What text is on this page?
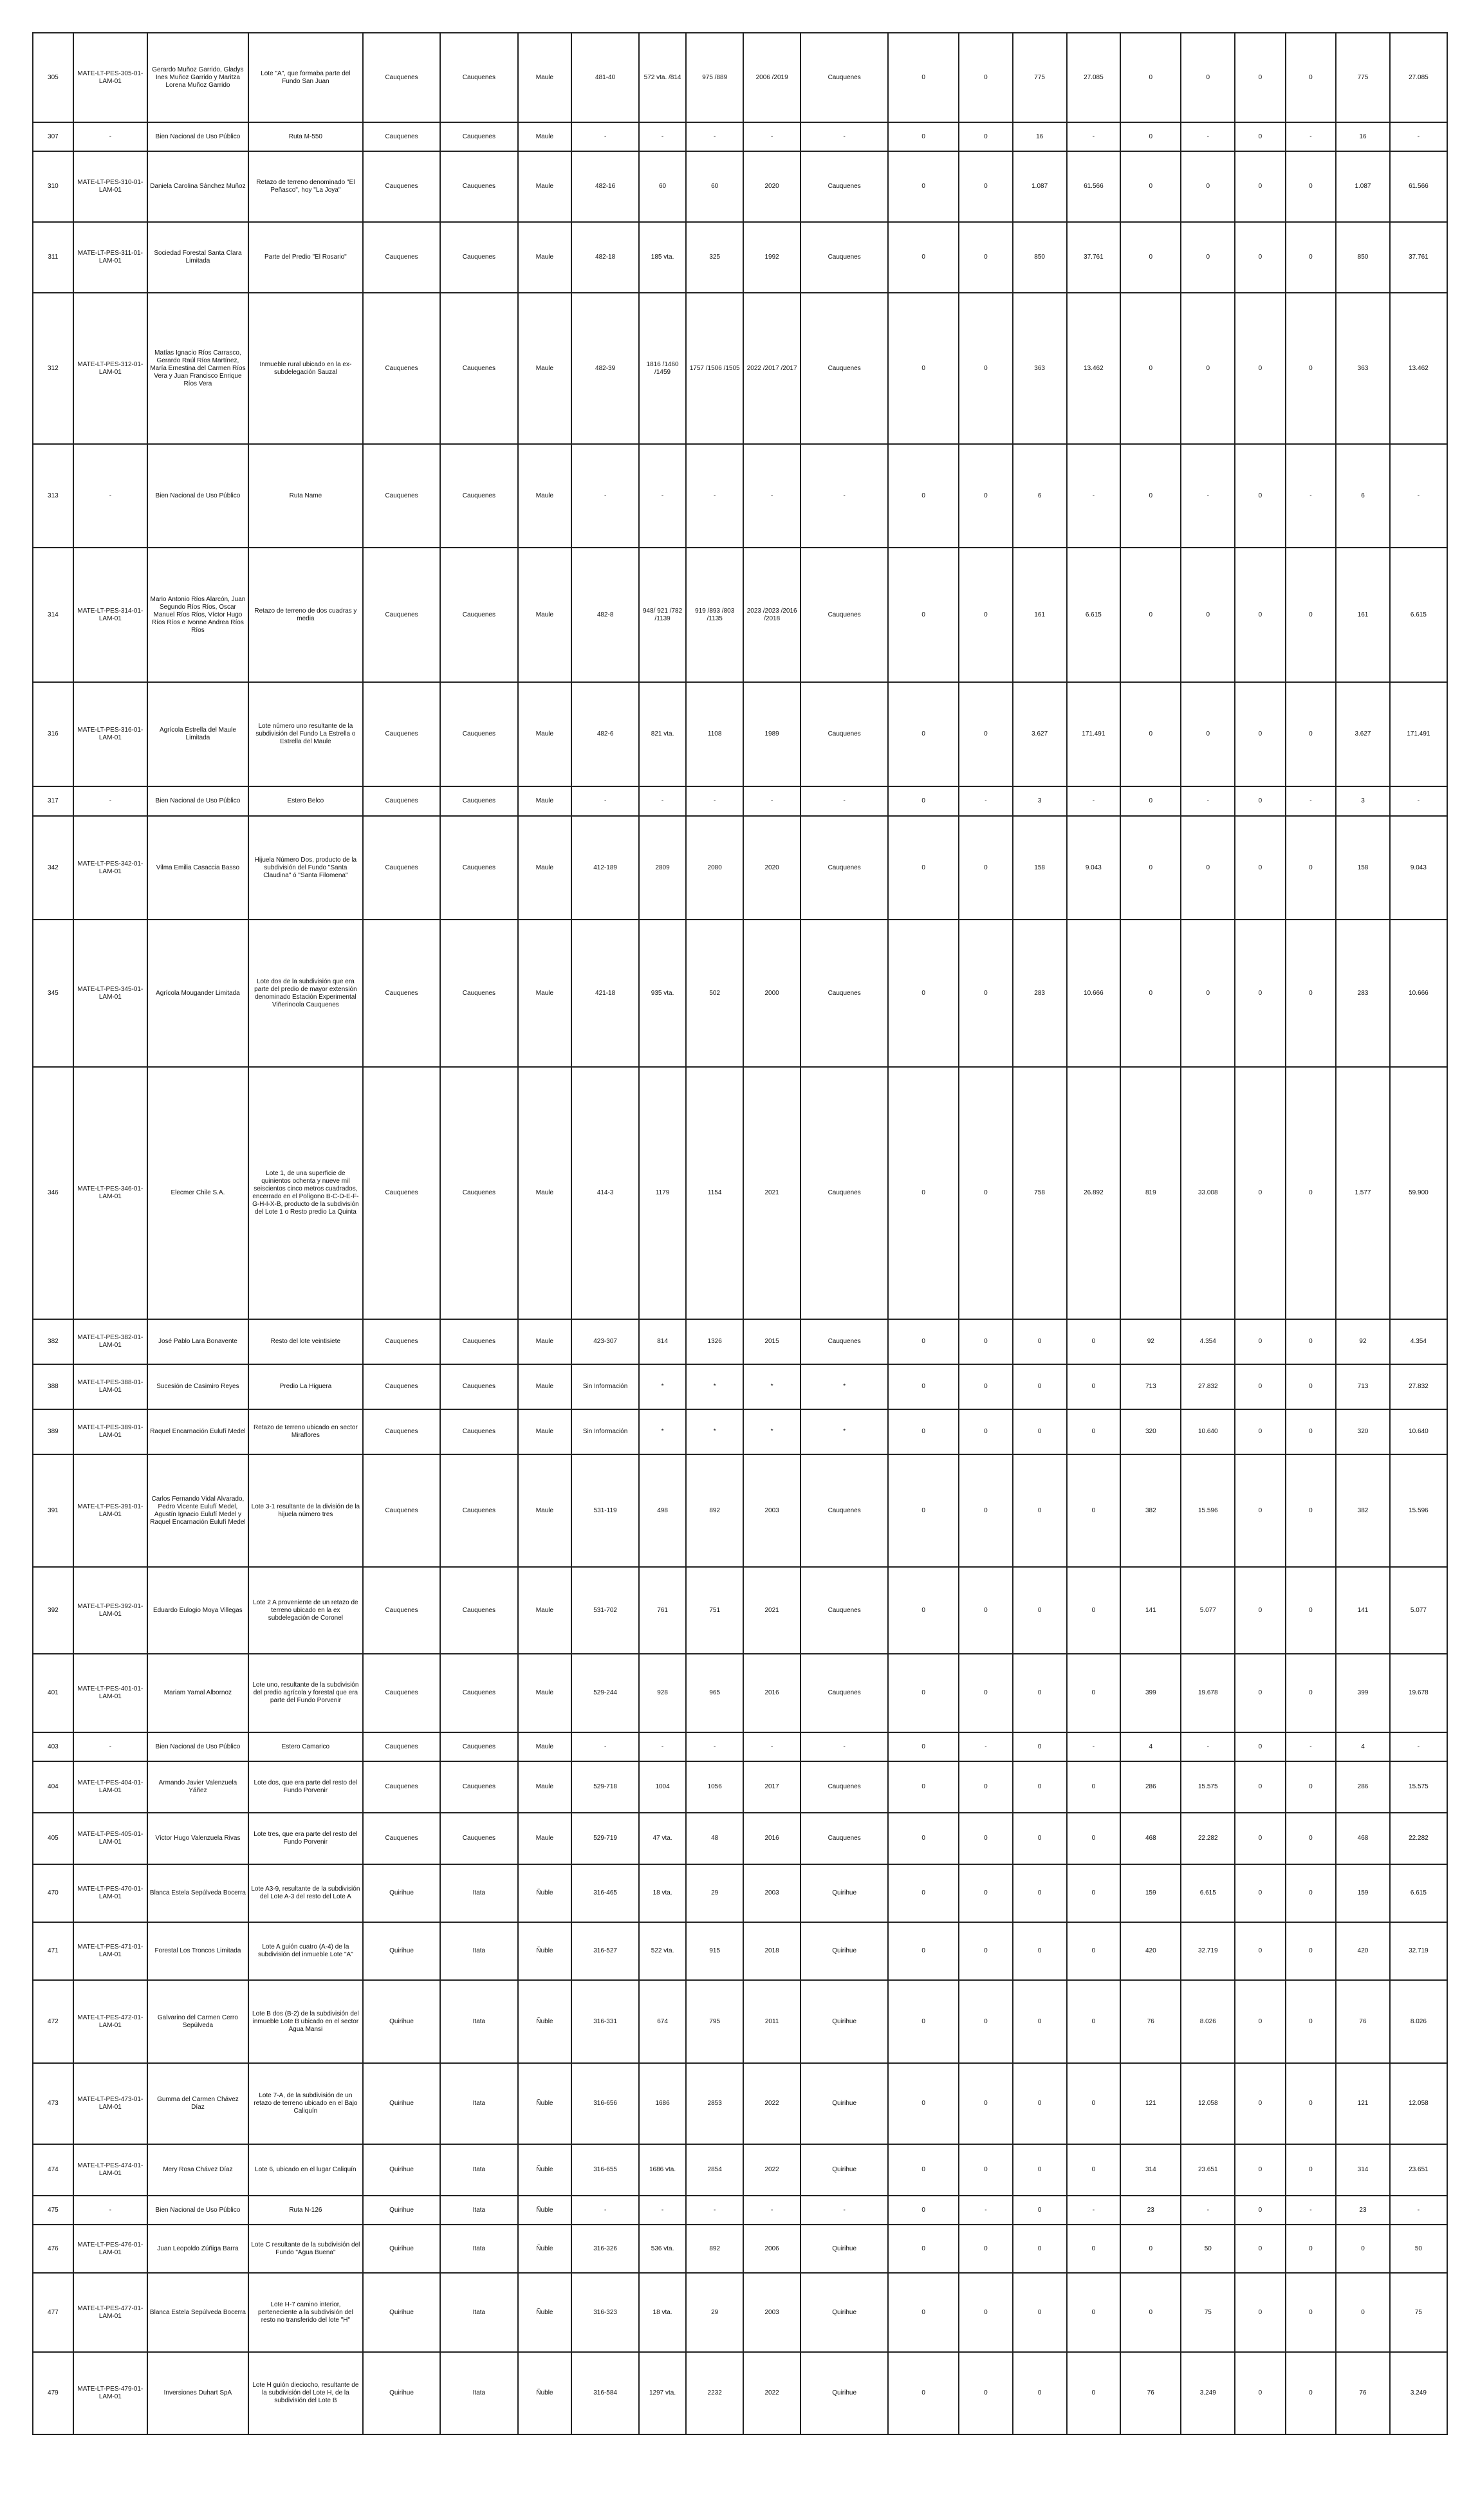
305	MATE-LT-PES-305-01-LAM-01	Gerardo Muñoz Garrido, Gladys Ines Muñoz Garrido y Maritza Lorena Muñoz Garrido	Lote "A", que formaba parte del Fundo San Juan	Cauquenes	Cauquenes	Maule	481-40	572 vta. /814	975 /889	2006 /2019	Cauquenes	0	0	775	27.085	0	0	0	0	775	27.085
307	-	Bien Nacional de Uso Público	Ruta M-550	Cauquenes	Cauquenes	Maule	-	-	-	-	-	0	0	16	-	0	-	0	-	16	-
310	MATE-LT-PES-310-01-LAM-01	Daniela Carolina Sánchez Muñoz	Retazo de terreno denominado "El Peñasco", hoy "La Joya"	Cauquenes	Cauquenes	Maule	482-16	60	60	2020	Cauquenes	0	0	1.087	61.566	0	0	0	0	1.087	61.566
311	MATE-LT-PES-311-01-LAM-01	Sociedad Forestal Santa Clara Limitada	Parte del Predio "El Rosario"	Cauquenes	Cauquenes	Maule	482-18	185 vta.	325	1992	Cauquenes	0	0	850	37.761	0	0	0	0	850	37.761
312	MATE-LT-PES-312-01-LAM-01	Matías Ignacio Ríos Carrasco, Gerardo Raúl Ríos Martínez, María Ernestina del Carmen Ríos Vera y Juan Francisco Enrique Ríos Vera	Inmueble rural ubicado en la ex-subdelegación Sauzal	Cauquenes	Cauquenes	Maule	482-39	1816 /1460 /1459	1757 /1506 /1505	2022 /2017 /2017	Cauquenes	0	0	363	13.462	0	0	0	0	363	13.462
313	-	Bien Nacional de Uso Público	Ruta Name	Cauquenes	Cauquenes	Maule	-	-	-	-	-	0	0	6	-	0	-	0	-	6	-
314	MATE-LT-PES-314-01-LAM-01	Mario Antonio Ríos Alarcón, Juan Segundo Ríos Ríos, Oscar Manuel Ríos Ríos, Víctor Hugo Ríos Ríos e Ivonne Andrea Ríos Ríos	Retazo de terreno de dos cuadras y media	Cauquenes	Cauquenes	Maule	482-8	948/ 921 /782 /1139	919 /893 /803 /1135	2023 /2023 /2016 /2018	Cauquenes	0	0	161	6.615	0	0	0	0	161	6.615
316	MATE-LT-PES-316-01-LAM-01	Agrícola Estrella del Maule Limitada	Lote número uno resultante de la subdivisión del Fundo La Estrella o Estrella del Maule	Cauquenes	Cauquenes	Maule	482-6	821 vta.	1108	1989	Cauquenes	0	0	3.627	171.491	0	0	0	0	3.627	171.491
317	-	Bien Nacional de Uso Público	Estero Belco	Cauquenes	Cauquenes	Maule	-	-	-	-	-	0	-	3	-	0	-	0	-	3	-
342	MATE-LT-PES-342-01-LAM-01	Vilma Emilia Casaccia Basso	Hijuela Número Dos, producto de la subdivisión del Fundo "Santa Claudina" ó "Santa Filomena"	Cauquenes	Cauquenes	Maule	412-189	2809	2080	2020	Cauquenes	0	0	158	9.043	0	0	0	0	158	9.043
345	MATE-LT-PES-345-01-LAM-01	Agrícola Mougander Limitada	Lote dos de la subdivisión que era parte del predio de mayor extensión denominado Estación Experimental Viñerinoola Cauquenes	Cauquenes	Cauquenes	Maule	421-18	935 vta.	502	2000	Cauquenes	0	0	283	10.666	0	0	0	0	283	10.666
346	MATE-LT-PES-346-01-LAM-01	Elecmer Chile S.A.	Lote 1, de una superficie de quinientos ochenta y nueve mil seiscientos cinco metros cuadrados, encerrado en el Polígono B-C-D-E-F-G-H-I-X-B, producto de la subdivisión del Lote 1 o Resto predio La Quinta	Cauquenes	Cauquenes	Maule	414-3	1179	1154	2021	Cauquenes	0	0	758	26.892	819	33.008	0	0	1.577	59.900
382	MATE-LT-PES-382-01-LAM-01	José Pablo Lara Bonavente	Resto del lote veintisiete	Cauquenes	Cauquenes	Maule	423-307	814	1326	2015	Cauquenes	0	0	0	0	92	4.354	0	0	92	4.354
388	MATE-LT-PES-388-01-LAM-01	Sucesión de Casimiro Reyes	Predio La Higuera	Cauquenes	Cauquenes	Maule	Sin Información	*	*	*	*	0	0	0	0	713	27.832	0	0	713	27.832
389	MATE-LT-PES-389-01-LAM-01	Raquel Encarnación Eulufí Medel	Retazo de terreno ubicado en sector Miraflores	Cauquenes	Cauquenes	Maule	Sin Información	*	*	*	*	0	0	0	0	320	10.640	0	0	320	10.640
391	MATE-LT-PES-391-01-LAM-01	Carlos Fernando Vidal Alvarado, Pedro Vicente Eulufí Medel, Agustín Ignacio Eulufí Medel y Raquel Encarnación Eulufí Medel	Lote 3-1 resultante de la división de la hijuela número tres	Cauquenes	Cauquenes	Maule	531-119	498	892	2003	Cauquenes	0	0	0	0	382	15.596	0	0	382	15.596
392	MATE-LT-PES-392-01-LAM-01	Eduardo Eulogio Moya Villegas	Lote 2 A proveniente de un retazo de terreno ubicado en la ex subdelegación de Coronel	Cauquenes	Cauquenes	Maule	531-702	761	751	2021	Cauquenes	0	0	0	0	141	5.077	0	0	141	5.077
401	MATE-LT-PES-401-01-LAM-01	Mariam Yamal Albornoz	Lote uno, resultante de la subdivisión del predio agrícola y forestal que era parte del Fundo Porvenir	Cauquenes	Cauquenes	Maule	529-244	928	965	2016	Cauquenes	0	0	0	0	399	19.678	0	0	399	19.678
403	-	Bien Nacional de Uso Público	Estero Camarico	Cauquenes	Cauquenes	Maule	-	-	-	-	-	0	-	0	-	4	-	0	-	4	-
404	MATE-LT-PES-404-01-LAM-01	Armando Javier Valenzuela Yáñez	Lote dos, que era parte del resto del Fundo Porvenir	Cauquenes	Cauquenes	Maule	529-718	1004	1056	2017	Cauquenes	0	0	0	0	286	15.575	0	0	286	15.575
405	MATE-LT-PES-405-01-LAM-01	Víctor Hugo Valenzuela Rivas	Lote tres, que era parte del resto del Fundo Porvenir	Cauquenes	Cauquenes	Maule	529-719	47 vta.	48	2016	Cauquenes	0	0	0	0	468	22.282	0	0	468	22.282
470	MATE-LT-PES-470-01-LAM-01	Blanca Estela Sepúlveda Bocerra	Lote A3-9, resultante de la subdivisión del Lote A-3 del resto del Lote A	Quirihue	Itata	Ñuble	316-465	18 vta.	29	2003	Quirihue	0	0	0	0	159	6.615	0	0	159	6.615
471	MATE-LT-PES-471-01-LAM-01	Forestal Los Troncos Limitada	Lote A guión cuatro (A-4) de la subdivisión del inmueble Lote "A"	Quirihue	Itata	Ñuble	316-527	522 vta.	915	2018	Quirihue	0	0	0	0	420	32.719	0	0	420	32.719
472	MATE-LT-PES-472-01-LAM-01	Galvarino del Carmen Cerro Sepúlveda	Lote B dos (B-2) de la subdivisión del inmueble Lote B ubicado en el sector Agua Mansi	Quirihue	Itata	Ñuble	316-331	674	795	2011	Quirihue	0	0	0	0	76	8.026	0	0	76	8.026
473	MATE-LT-PES-473-01-LAM-01	Gumma del Carmen Chávez Díaz	Lote 7-A, de la subdivisión de un retazo de terreno ubicado en el Bajo Caliquín	Quirihue	Itata	Ñuble	316-656	1686	2853	2022	Quirihue	0	0	0	0	121	12.058	0	0	121	12.058
474	MATE-LT-PES-474-01-LAM-01	Mery Rosa Chávez Díaz	Lote 6, ubicado en el lugar Caliquín	Quirihue	Itata	Ñuble	316-655	1686 vta.	2854	2022	Quirihue	0	0	0	0	314	23.651	0	0	314	23.651
475	-	Bien Nacional de Uso Público	Ruta N-126	Quirihue	Itata	Ñuble	-	-	-	-	-	0	-	0	-	23	-	0	-	23	-
476	MATE-LT-PES-476-01-LAM-01	Juan Leopoldo Zúñiga Barra	Lote C resultante de la subdivisión del Fundo "Agua Buena"	Quirihue	Itata	Ñuble	316-326	536 vta.	892	2006	Quirihue	0	0	0	0	0	50	0	0	0	50
477	MATE-LT-PES-477-01-LAM-01	Blanca Estela Sepúlveda Bocerra	Lote H-7 camino interior, perteneciente a la subdivisión del resto no transferido del lote "H"	Quirihue	Itata	Ñuble	316-323	18 vta.	29	2003	Quirihue	0	0	0	0	0	75	0	0	0	75
479	MATE-LT-PES-479-01-LAM-01	Inversiones Duhart SpA	Lote H guión dieciocho, resultante de la subdivisión del Lote H, de la subdivisión del Lote B	Quirihue	Itata	Ñuble	316-584	1297 vta.	2232	2022	Quirihue	0	0	0	0	76	3.249	0	0	76	3.249
